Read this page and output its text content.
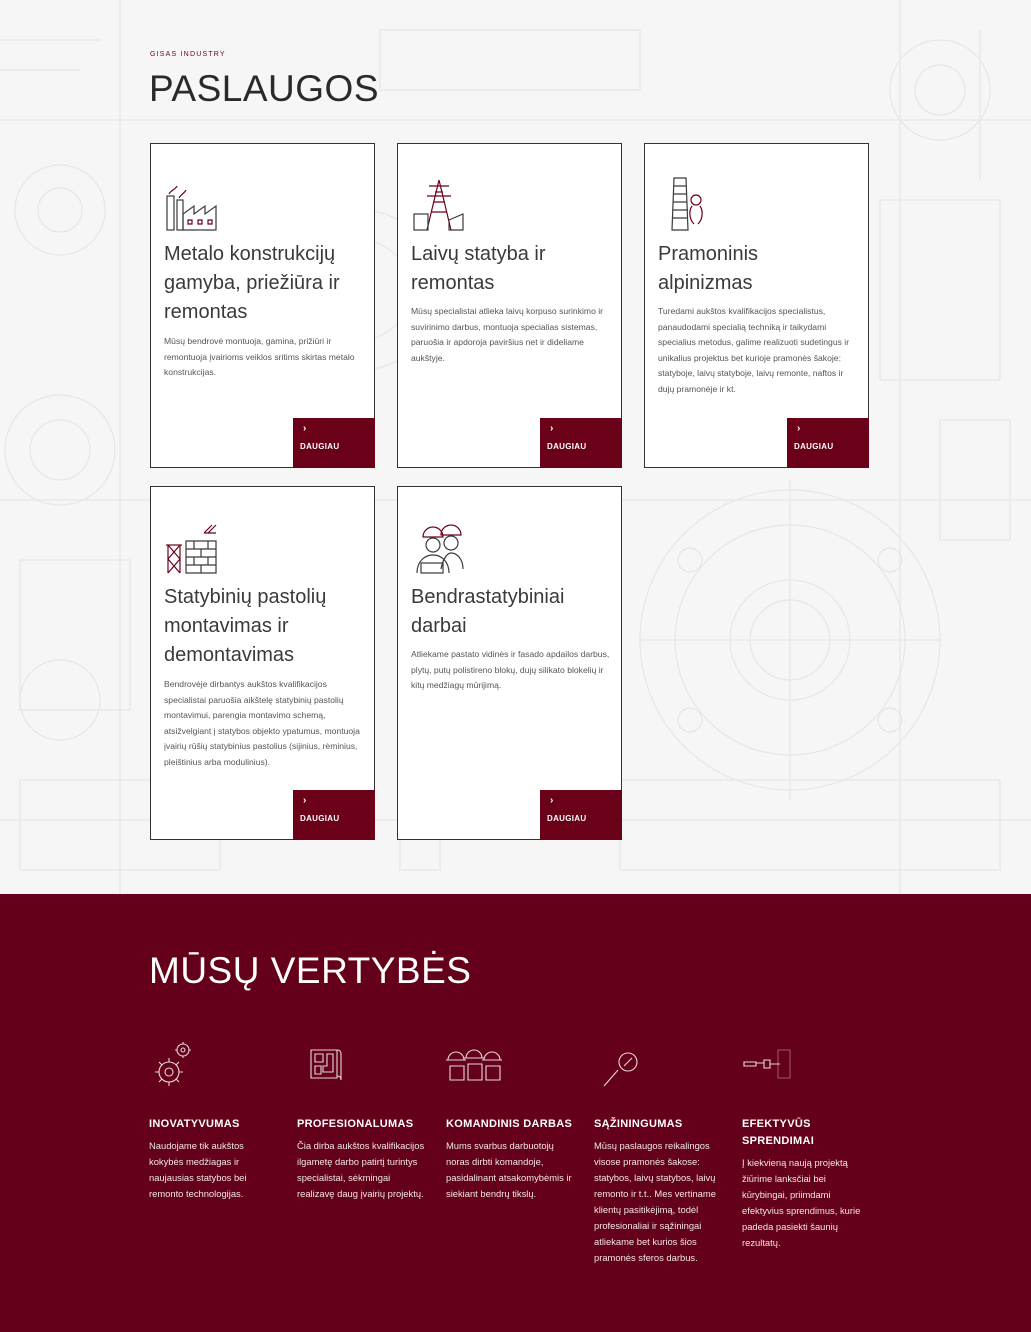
GISAS INDUSTRY
PASLAUGOS
Metalo konstrukcijų gamyba, priežiūra ir remontas
Mūsų bendrovė montuoja, gamina, prižiūri ir remontuoja įvairioms veiklos sritims skirtas metalo konstrukcijas.
›
DAUGIAU
Laivų statyba ir remontas
Mūsų specialistai atlieka laivų korpuso surinkimo ir suvirinimo darbus, montuoja specialias sistemas, paruošia ir apdoroja paviršius net ir dideliame aukštyje.
›
DAUGIAU
Pramoninis alpinizmas
Turedami aukštos kvalifikacijos specialistus, panaudodami specialią techniką ir taikydami specialius metodus, galime realizuoti sudetingus ir unikalius projektus bet kurioje pramonės šakoje: statyboje, laivų statyboje, laivų remonte, naftos ir dujų pramonėje ir kt.
›
DAUGIAU
Statybinių pastolių montavimas ir demontavimas
Bendrovėje dirbantys aukštos kvalifikacijos specialistai paruošia aikštelę statybinių pastolių montavimui, parengia montavimo schemą, atsižvelgiant į statybos objekto ypatumus, montuoja įvairių rūšių statybinius pastolius (sijinius, rėminius, pleištinius arba modulinius).
›
DAUGIAU
Bendrastatybiniai darbai
Atliekame pastato vidinės ir fasado apdailos darbus, plytų, putų polistireno blokų, dujų silikato blokelių ir kitų medžiagų mūrijimą.
›
DAUGIAU
MŪSŲ VERTYBĖS
INOVATYVUMAS
Naudojame tik aukštos kokybės medžiagas ir naujausias statybos bei remonto technologijas.
PROFESIONALUMAS
Čia dirba aukštos kvalifikacijos ilgametę darbo patirtį turintys specialistai, sėkmingai realizavę daug įvairių projektų.
KOMANDINIS DARBAS
Mums svarbus darbuotojų noras dirbti komandoje, pasidalinant atsakomybėmis ir siekiant bendrų tikslų.
SĄŽININGUMAS
Mūsų paslaugos reikalingos visose pramonės šakose: statybos, laivų statybos, laivų remonto ir t.t.. Mes vertiname klientų pasitikėjimą, todėl profesionaliai ir sąžiningai atliekame bet kurios šios pramonės sferos darbus.
EFEKTYVŪS SPRENDIMAI
Į kiekvieną naują projektą žiūrime lanksčiai bei kūrybingai, priimdami efektyvius sprendimus, kurie padeda pasiekti šaunių rezultatų.
